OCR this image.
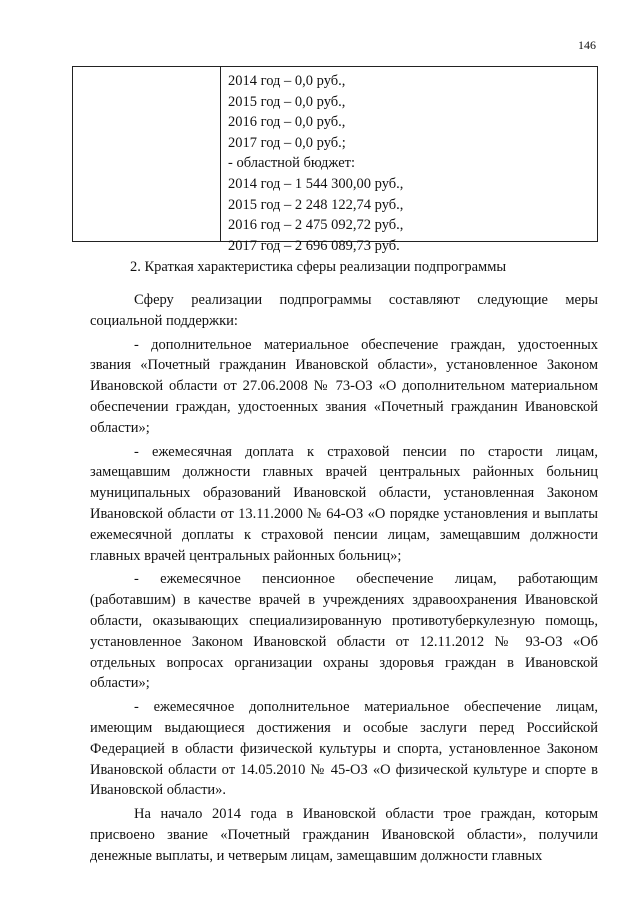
146
2014 год – 0,0 руб.,
2015 год – 0,0 руб.,
2016 год – 0,0 руб.,
2017 год – 0,0 руб.;
- областной бюджет:
2014 год – 1 544 300,00 руб.,
2015 год – 2 248 122,74 руб.,
2016 год – 2 475 092,72 руб.,
2017 год – 2 696 089,73 руб.
2. Краткая характеристика сферы реализации подпрограммы

Сферу реализации подпрограммы составляют следующие меры социальной поддержки:

- дополнительное материальное обеспечение граждан, удостоенных звания «Почетный гражданин Ивановской области», установленное Законом Ивановской области от 27.06.2008 № 73-ОЗ «О дополнительном материальном обеспечении граждан, удостоенных звания «Почетный гражданин Ивановской области»;

- ежемесячная доплата к страховой пенсии по старости лицам, замещавшим должности главных врачей центральных районных больниц муниципальных образований Ивановской области, установленная Законом Ивановской области от 13.11.2000 № 64-ОЗ «О порядке установления и выплаты ежемесячной доплаты к страховой пенсии лицам, замещавшим должности главных врачей центральных районных больниц»;

- ежемесячное пенсионное обеспечение лицам, работающим (работавшим) в качестве врачей в учреждениях здравоохранения Ивановской области, оказывающих специализированную противотуберкулезную помощь, установленное Законом Ивановской области от 12.11.2012 № 93-ОЗ «Об отдельных вопросах организации охраны здоровья граждан в Ивановской области»;

- ежемесячное дополнительное материальное обеспечение лицам, имеющим выдающиеся достижения и особые заслуги перед Российской Федерацией в области физической культуры и спорта, установленное Законом Ивановской области от 14.05.2010 № 45-ОЗ «О физической культуре и спорте в Ивановской области».

На начало 2014 года в Ивановской области трое граждан, которым присвоено звание «Почетный гражданин Ивановской области», получили денежные выплаты, и четверым лицам, замещавшим должности главных
